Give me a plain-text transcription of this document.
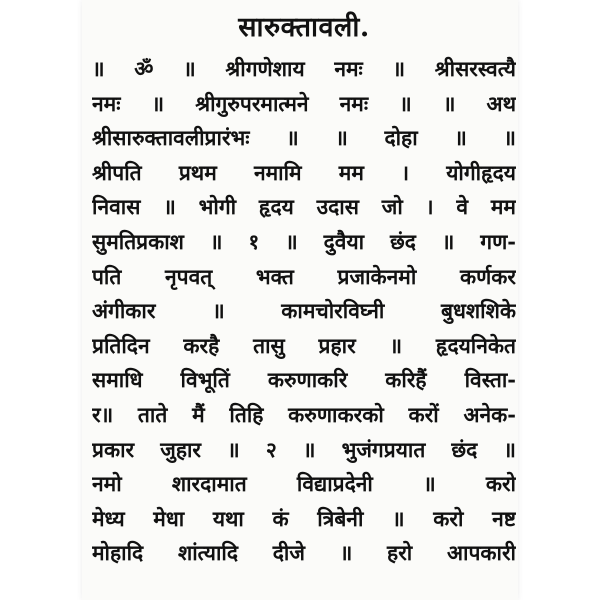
सारुक्तावली.
॥ ॐ ॥ श्रीगणेशाय नमः ॥ श्रीसरस्वत्यै
नमः ॥ श्रीगुरुपरमात्मने नमः ॥ ॥ अथ
श्रीसारुक्तावलीप्रारंभः ॥ ॥ दोहा ॥ ॥
श्रीपति प्रथम नमामि मम । योगीहृदय
निवास ॥ भोगी हृदय उदास जो । वे मम
सुमतिप्रकाश ॥ १ ॥ दुवैया छंद ॥ गण-
पति नृपवत् भक्त प्रजाकेनमो कर्णकर
अंगीकार ॥ कामचोरविघ्नी बुधशशिके
प्रतिदिन करहै तासु प्रहार ॥ हृदयनिकेत
समाधि विभूतिं करुणाकरि करिहैं विस्ता-
र॥ ताते मैं तिहि करुणाकरको करों अनेक-
प्रकार जुहार ॥ २ ॥ भुजंगप्रयात छंद ॥
नमो शारदामात विद्याप्रदेनी ॥ करो
मेध्य मेधा यथा कं त्रिबेनी ॥ करो नष्ट
मोहादि शांत्यादि दीजे ॥ हरो आपकारी
